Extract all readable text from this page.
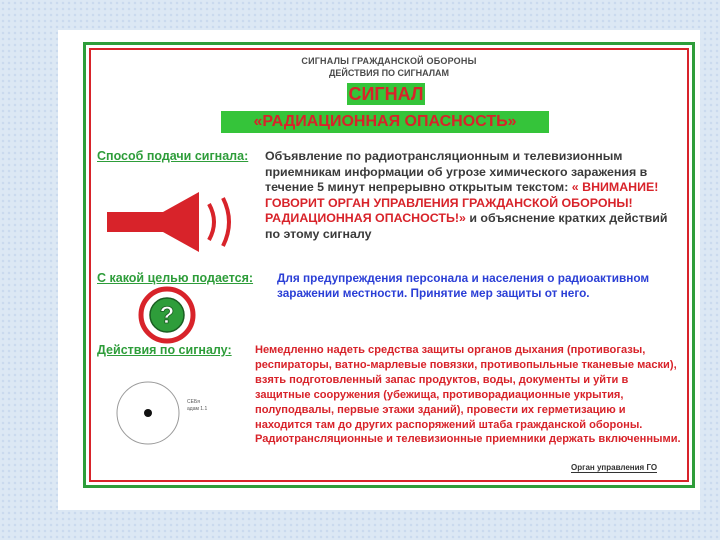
СИГНАЛЫ ГРАЖДАНСКОЙ ОБОРОНЫ
ДЕЙСТВИЯ ПО СИГНАЛАМ
СИГНАЛ
«РАДИАЦИОННАЯ ОПАСНОСТЬ»
Способ подачи сигнала: Объявление по радиотрансляционным и телевизионным приемникам информации об угрозе химического заражения в течение 5 минут непрерывно открытым текстом: « ВНИМАНИЕ! ГОВОРИТ ОРГАН УПРАВЛЕНИЯ ГРАЖДАНСКОЙ ОБОРОНЫ! РАДИАЦИОННАЯ ОПАСНОСТЬ!» и объяснение кратких действий по этому сигналу
С какой целью подается: Для предупреждения персонала и населения о радиоактивном заражении местности. Принятие мер защиты от него.
?
Действия по сигналу: Немедленно надеть средства защиты органов дыхания (противогазы, респираторы, ватно-марлевые повязки, противопыльные тканевые маски), взять подготовленный запас продуктов, воды, документы и уйти в защитные сооружения (убежища, противорадиационные укрытия, полуподвалы, первые этажи зданий), провести их герметизацию и находится там до других распоряжений штаба гражданской обороны. Радиотрансляционные и телевизионные приемники держать включенными.
СЕБя
адам 1.1
Орган управления ГО
